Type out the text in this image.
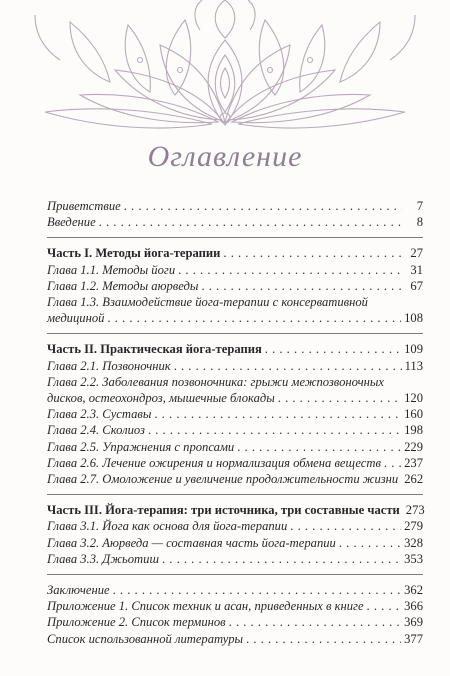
Оглавление
Приветствие . . .	7
Введение . . .	8
Часть I. Методы йога-терапии . . .	27
Глава 1.1. Методы йоги . . .	31
Глава 1.2. Методы аюрведы . . .	67
Глава 1.3. Взаимодействие йога-терапии с консервативной
медициной . . .	108
Часть II. Практическая йога-терапия . . .	109
Глава 2.1. Позвоночник . . .	113
Глава 2.2. Заболевания позвоночника: грыжи межпозвоночных
дисков, остеохондроз, мышечные блокады . . .	120
Глава 2.3. Суставы . . .	160
Глава 2.4. Сколиоз . . .	198
Глава 2.5. Упражнения с пропсами . . .	229
Глава 2.6. Лечение ожирения и нормализация обмена веществ . . . 237
Глава 2.7. Омоложение и увеличение продолжительности жизни 262
Часть III. Йога-терапия: три источника, три составные части 273
Глава 3.1. Йога как основа для йога-терапии . . .	279
Глава 3.2. Аюрведа — составная часть йога-терапии . . .	328
Глава 3.3. Джьотиш . . .	353
Заключение . . .	362
Приложение 1. Список техник и асан, приведенных в книге . . .	366
Приложение 2. Список терминов . . .	369
Список использованной литературы . . .	377
